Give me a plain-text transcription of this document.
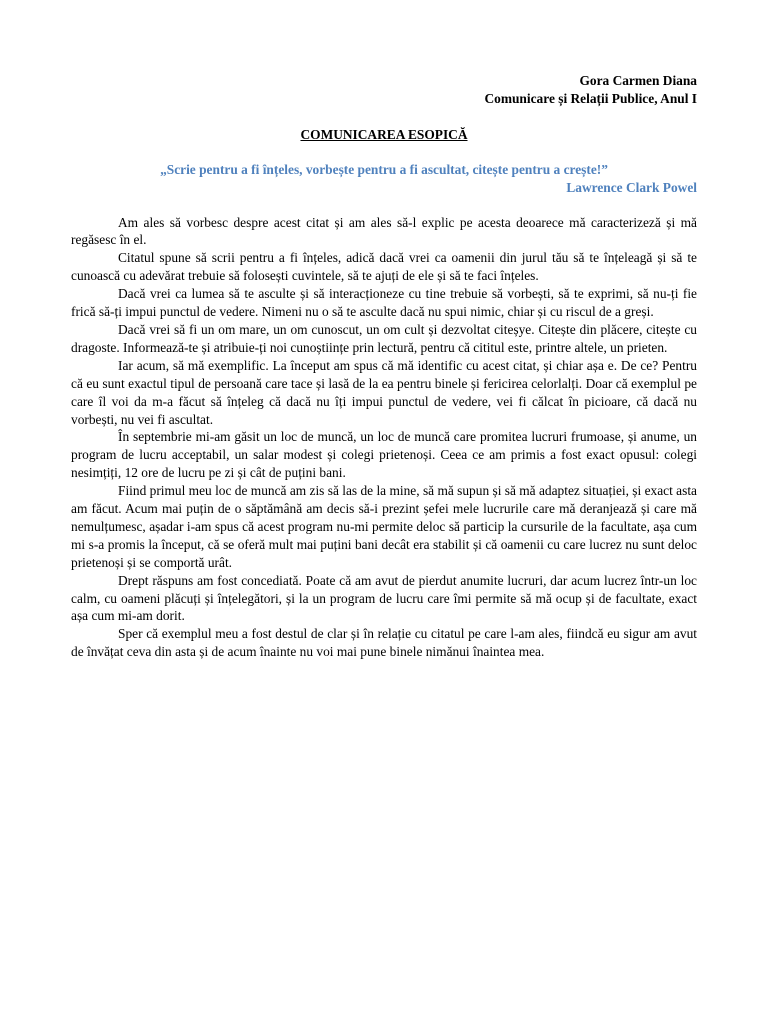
Gora Carmen Diana
Comunicare și Relații Publice, Anul I
COMUNICAREA ESOPICĂ
„Scrie pentru a fi înțeles, vorbește pentru a fi ascultat, citește pentru a crește!”
Lawrence Clark Powel

Am ales să vorbesc despre acest citat și am ales să-l explic pe acesta deoarece mă caracterizeză și mă regăsesc în el.

Citatul spune să scrii pentru a fi înțeles, adică dacă vrei ca oamenii din jurul tău să te înțeleagă și să te cunoască cu adevărat trebuie să folosești cuvintele, să te ajuți de ele și să te faci înțeles.

Dacă vrei ca lumea să te asculte și să interacționeze cu tine trebuie să vorbești, să te exprimi, să nu-ți fie frică să-ți impui punctul de vedere. Nimeni nu o să te asculte dacă nu spui nimic, chiar și cu riscul de a greși.

Dacă vrei să fi un om mare, un om cunoscut, un om cult și dezvoltat citeșye. Citește din plăcere, citește cu dragoste. Informează-te și atribuie-ți noi cunoștiințe prin lectură, pentru că cititul este, printre altele, un prieten.

Iar acum, să mă exemplific. La început am spus că mă identific cu acest citat, și chiar așa e. De ce? Pentru că eu sunt exactul tipul de persoană care tace și lasă de la ea pentru binele și fericirea celorlalți. Doar că exemplul pe care îl voi da m-a făcut să înțeleg că dacă nu îți impui punctul de vedere, vei fi călcat în picioare, că dacă nu vorbești, nu vei fi ascultat.

În septembrie mi-am găsit un loc de muncă, un loc de muncă care promitea lucruri frumoase, și anume, un program de lucru acceptabil, un salar modest și colegi prietenoși. Ceea ce am primis a fost exact opusul: colegi nesimțiți, 12 ore de lucru pe zi și cât de puțini bani.

Fiind primul meu loc de muncă am zis să las de la mine, să mă supun și să mă adaptez situației, și exact asta am făcut. Acum mai puțin de o săptămână am decis să-i prezint șefei mele lucrurile care mă deranjează și care mă nemulțumesc, așadar i-am spus că acest program nu-mi permite deloc să particip la cursurile de la facultate, așa cum mi s-a promis la început, că se oferă mult mai puțini bani decât era stabilit și că oamenii cu care lucrez nu sunt deloc prietenoși și se comportă urât.

Drept răspuns am fost concediată. Poate că am avut de pierdut anumite lucruri, dar acum lucrez într-un loc calm, cu oameni plăcuți și înțelegători, și la un program de lucru care îmi permite să mă ocup și de facultate, exact așa cum mi-am dorit.

Sper că exemplul meu a fost destul de clar și în relație cu citatul pe care l-am ales, fiindcă eu sigur am avut de învățat ceva din asta și de acum înainte nu voi mai pune binele nimănui înaintea mea.
